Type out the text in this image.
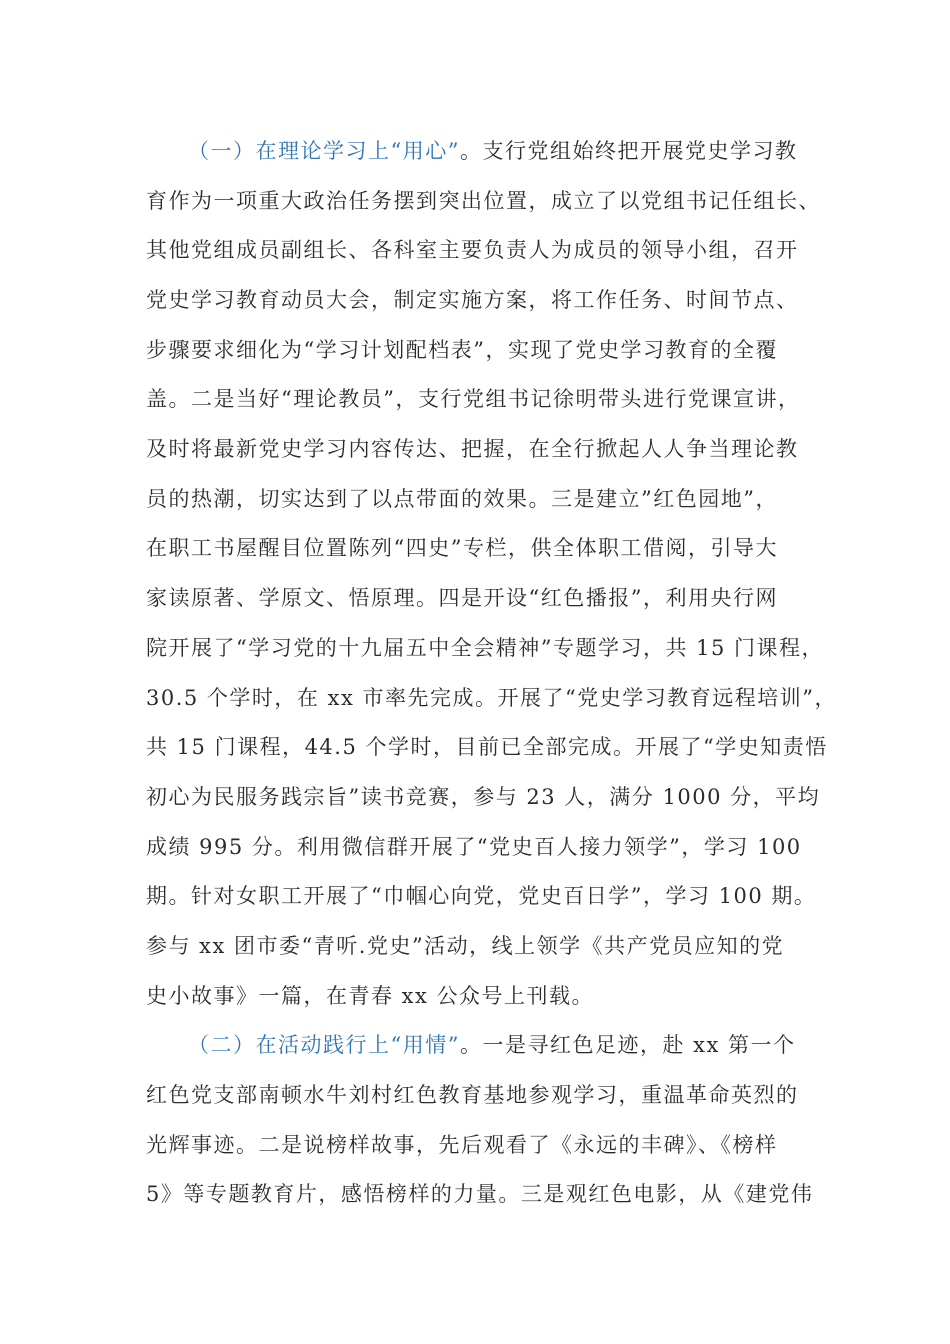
（一）在理论学习上“用心”。支行党组始终把开展党史学习教
育作为一项重大政治任务摆到突出位置，成立了以党组书记任组长、
其他党组成员副组长、各科室主要负责人为成员的领导小组，召开
党史学习教育动员大会，制定实施方案，将工作任务、时间节点、
步骤要求细化为“学习计划配档表”，实现了党史学习教育的全覆
盖。二是当好“理论教员”，支行党组书记徐明带头进行党课宣讲，
及时将最新党史学习内容传达、把握，在全行掀起人人争当理论教
员的热潮，切实达到了以点带面的效果。三是建立”红色园地”，
在职工书屋醒目位置陈列“四史”专栏，供全体职工借阅，引导大
家读原著、学原文、悟原理。四是开设“红色播报”，利用央行网
院开展了“学习党的十九届五中全会精神”专题学习，共 15 门课程，
30.5 个学时，在 xx 市率先完成。开展了“党史学习教育远程培训”，
共 15 门课程，44.5 个学时，目前已全部完成。开展了“学史知责悟
初心为民服务践宗旨”读书竞赛，参与 23 人，满分 1000 分，平均
成绩 995 分。利用微信群开展了“党史百人接力领学”，学习 100
期。针对女职工开展了“巾帼心向党，党史百日学”，学习 100 期。
参与 xx 团市委“青听.党史”活动，线上领学《共产党员应知的党
史小故事》一篇，在青春 xx 公众号上刊载。
（二）在活动践行上“用情”。一是寻红色足迹，赴 xx 第一个
红色党支部南顿水牛刘村红色教育基地参观学习，重温革命英烈的
光辉事迹。二是说榜样故事，先后观看了《永远的丰碑》、《榜样
5》等专题教育片，感悟榜样的力量。三是观红色电影，从《建党伟
